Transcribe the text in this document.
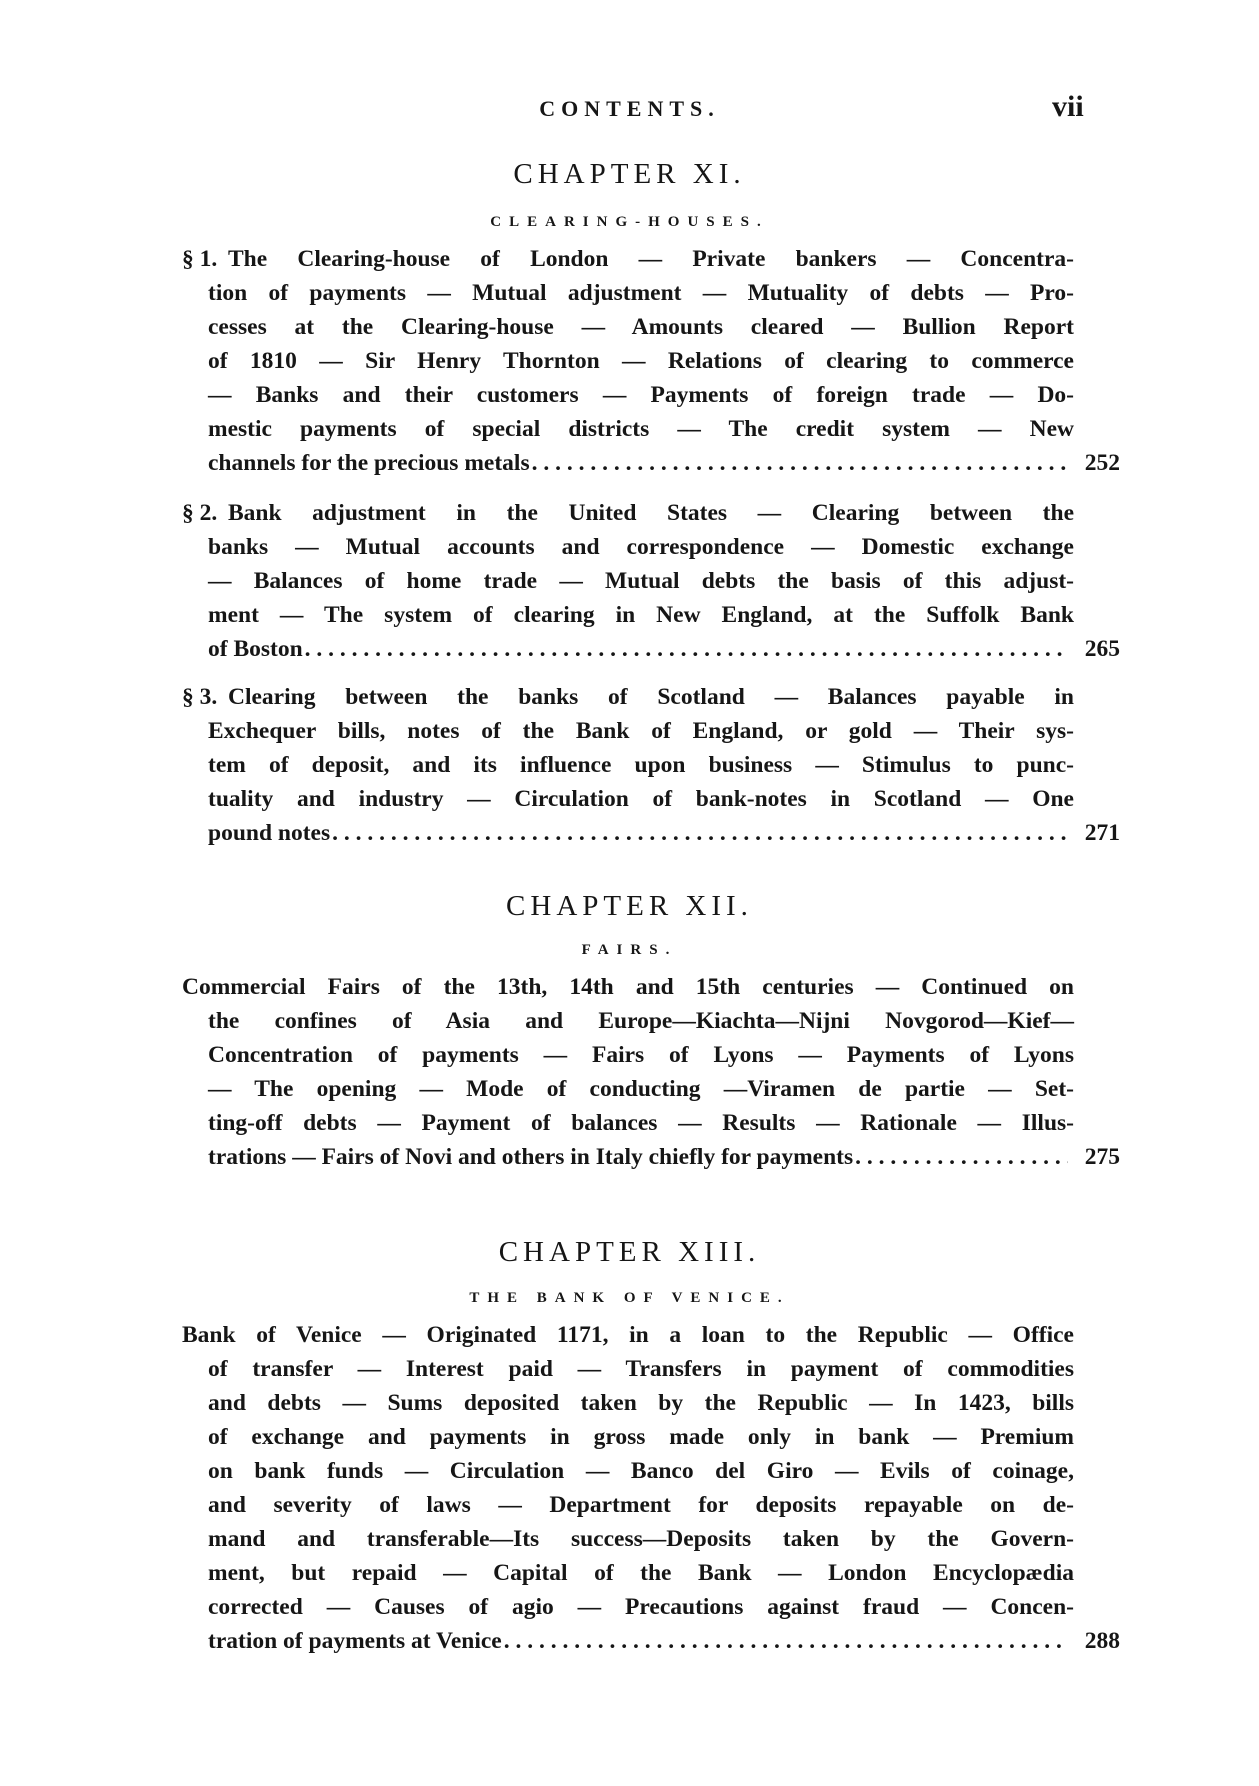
CONTENTS.	vii
CHAPTER XI.
CLEARING-HOUSES.
§ 1. The Clearing-house of London — Private bankers — Concentra-
tion of payments — Mutual adjustment — Mutuality of debts — Pro-
cesses at the Clearing-house — Amounts cleared — Bullion Report
of 1810 — Sir Henry Thornton — Relations of clearing to commerce
— Banks and their customers — Payments of foreign trade — Do-
mestic payments of special districts — The credit system — New
channels for the precious metals . . .	252
§ 2. Bank adjustment in the United States — Clearing between the
banks — Mutual accounts and correspondence — Domestic exchange
— Balances of home trade — Mutual debts the basis of this adjust-
ment — The system of clearing in New England, at the Suffolk Bank
of Boston . . .	265
§ 3. Clearing between the banks of Scotland — Balances payable in
Exchequer bills, notes of the Bank of England, or gold — Their sys-
tem of deposit, and its influence upon business — Stimulus to punc-
tuality and industry — Circulation of bank-notes in Scotland — One
pound notes . . .	271
CHAPTER XII.
FAIRS.
Commercial Fairs of the 13th, 14th and 15th centuries — Continued on
the confines of Asia and Europe—Kiachta—Nijni Novgorod—Kief—
Concentration of payments — Fairs of Lyons — Payments of Lyons
— The opening — Mode of conducting —Viramen de partie — Set-
ting-off debts — Payment of balances — Results — Rationale — Illus-
trations — Fairs of Novi and others in Italy chiefly for payments . . .	275
CHAPTER XIII.
THE BANK OF VENICE.
Bank of Venice — Originated 1171, in a loan to the Republic — Office
of transfer — Interest paid — Transfers in payment of commodities
and debts — Sums deposited taken by the Republic — In 1423, bills
of exchange and payments in gross made only in bank — Premium
on bank funds — Circulation — Banco del Giro — Evils of coinage,
and severity of laws — Department for deposits repayable on de-
mand and transferable—Its success—Deposits taken by the Govern-
ment, but repaid — Capital of the Bank — London Encyclopædia
corrected — Causes of agio — Precautions against fraud — Concen-
tration of payments at Venice . . .	288
